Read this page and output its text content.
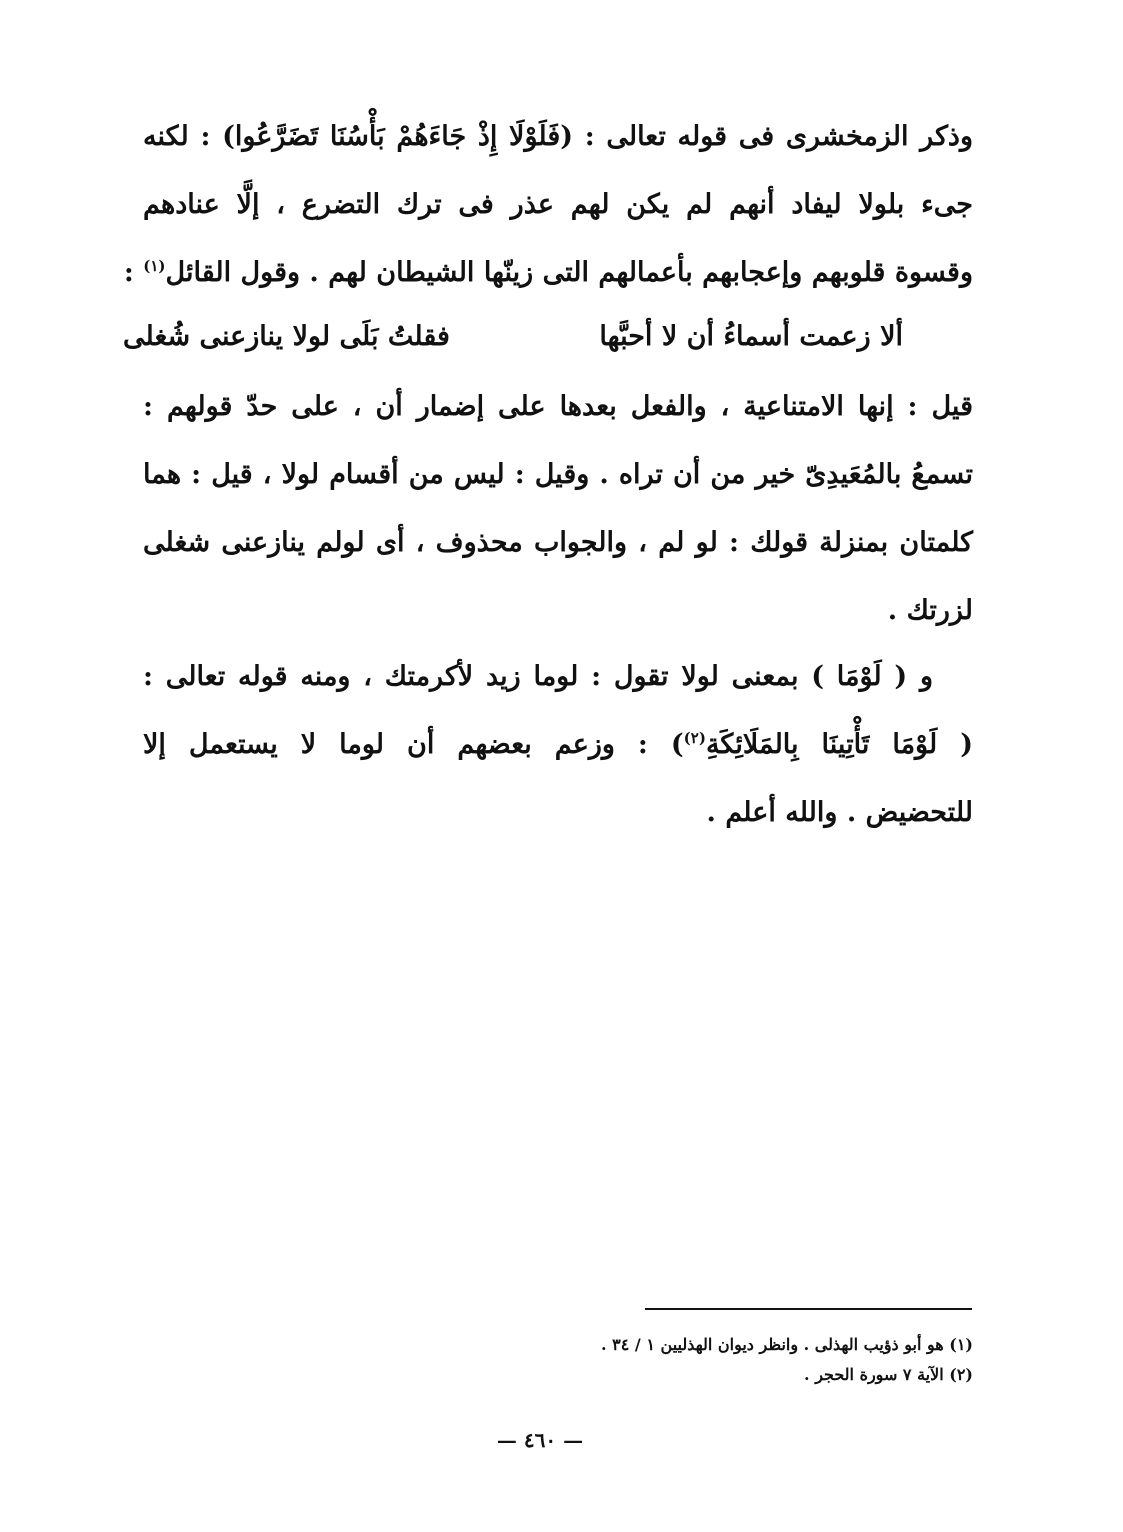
وذكر الزمخشرى فى قوله تعالى : (فَلَوْلَا إِذْ جَاءَهُمْ بَأْسُنَا تَضَرَّعُوا) : لكنه
جىء بلولا ليفاد أنهم لم يكن لهم عذر فى ترك التضرع ، إلَّا عنادهم
وقسوة قلوبهم وإعجابهم بأعمالهم التى زينّها الشيطان لهم . وقول القائل$^{(١)}$ :
ألا زعمت أسماءُ أن لا أحبَّها
فقلتُ بَلَى لولا ينازعنى شُغلى
قيل : إنها الامتناعية ، والفعل بعدها على إضمار أن ، على حدّ قولهم :
تسمعُ بالمُعَيدِىّ خير من أن تراه . وقيل : ليس من أقسام لولا ، قيل : هما
كلمتان بمنزلة قولك : لو لم ، والجواب محذوف ، أى لولم ينازعنى شغلى
لزرتك .
و ( لَوْمَا ) بمعنى لولا تقول : لوما زيد لأكرمتك ، ومنه قوله تعالى :
( لَوْمَا تَأْتِينَا بِالمَلَائِكَةِ$^{(٢)}$) : وزعم بعضهم أن لوما لا يستعمل إلا
للتحضيض . والله أعلم .
(١) هو أبو ذؤيب الهذلى . وانظر ديوان الهذليين ١ / ٣٤ .
(٢) الآية ٧ سورة الحجر .
— ٤٦٠ —
